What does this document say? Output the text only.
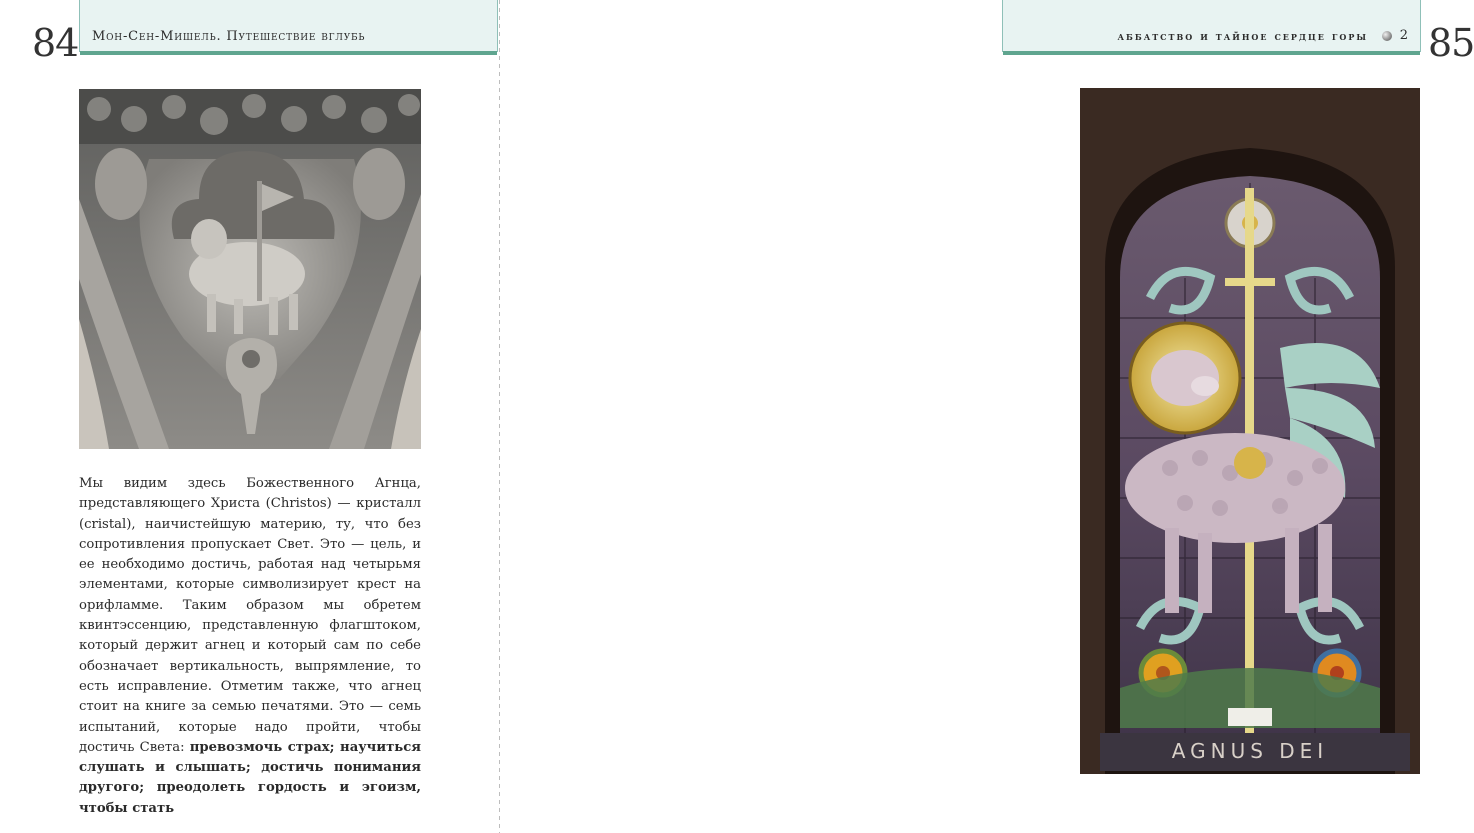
84 Мон-Сен-Мишель. Путешествие вглубь

Мы видим здесь Божественного Агнца, представляющего Христа (Christos) — кристалл (cristal), наичистейшую материю, ту, что без сопротивления пропускает Свет. Это — цель, и ее необходимо достичь, работая над четырьмя элементами, которые символизирует крест на орифламме. Таким образом мы обретем квинтэссенцию, представленную флагштоком, который держит агнец и который сам по себе обозначает вертикальность, выпрямление, то есть исправление. Отметим также, что агнец стоит на книге за семью печатями. Это — семь испытаний, которые надо пройти, чтобы достичь Света: превозмочь страх; научиться слушать и слышать; достичь понимания другого; преодолеть гордость и эгоизм, чтобы стать

аббатство и тайное сердце горы 2 85
AGNUS DEI
